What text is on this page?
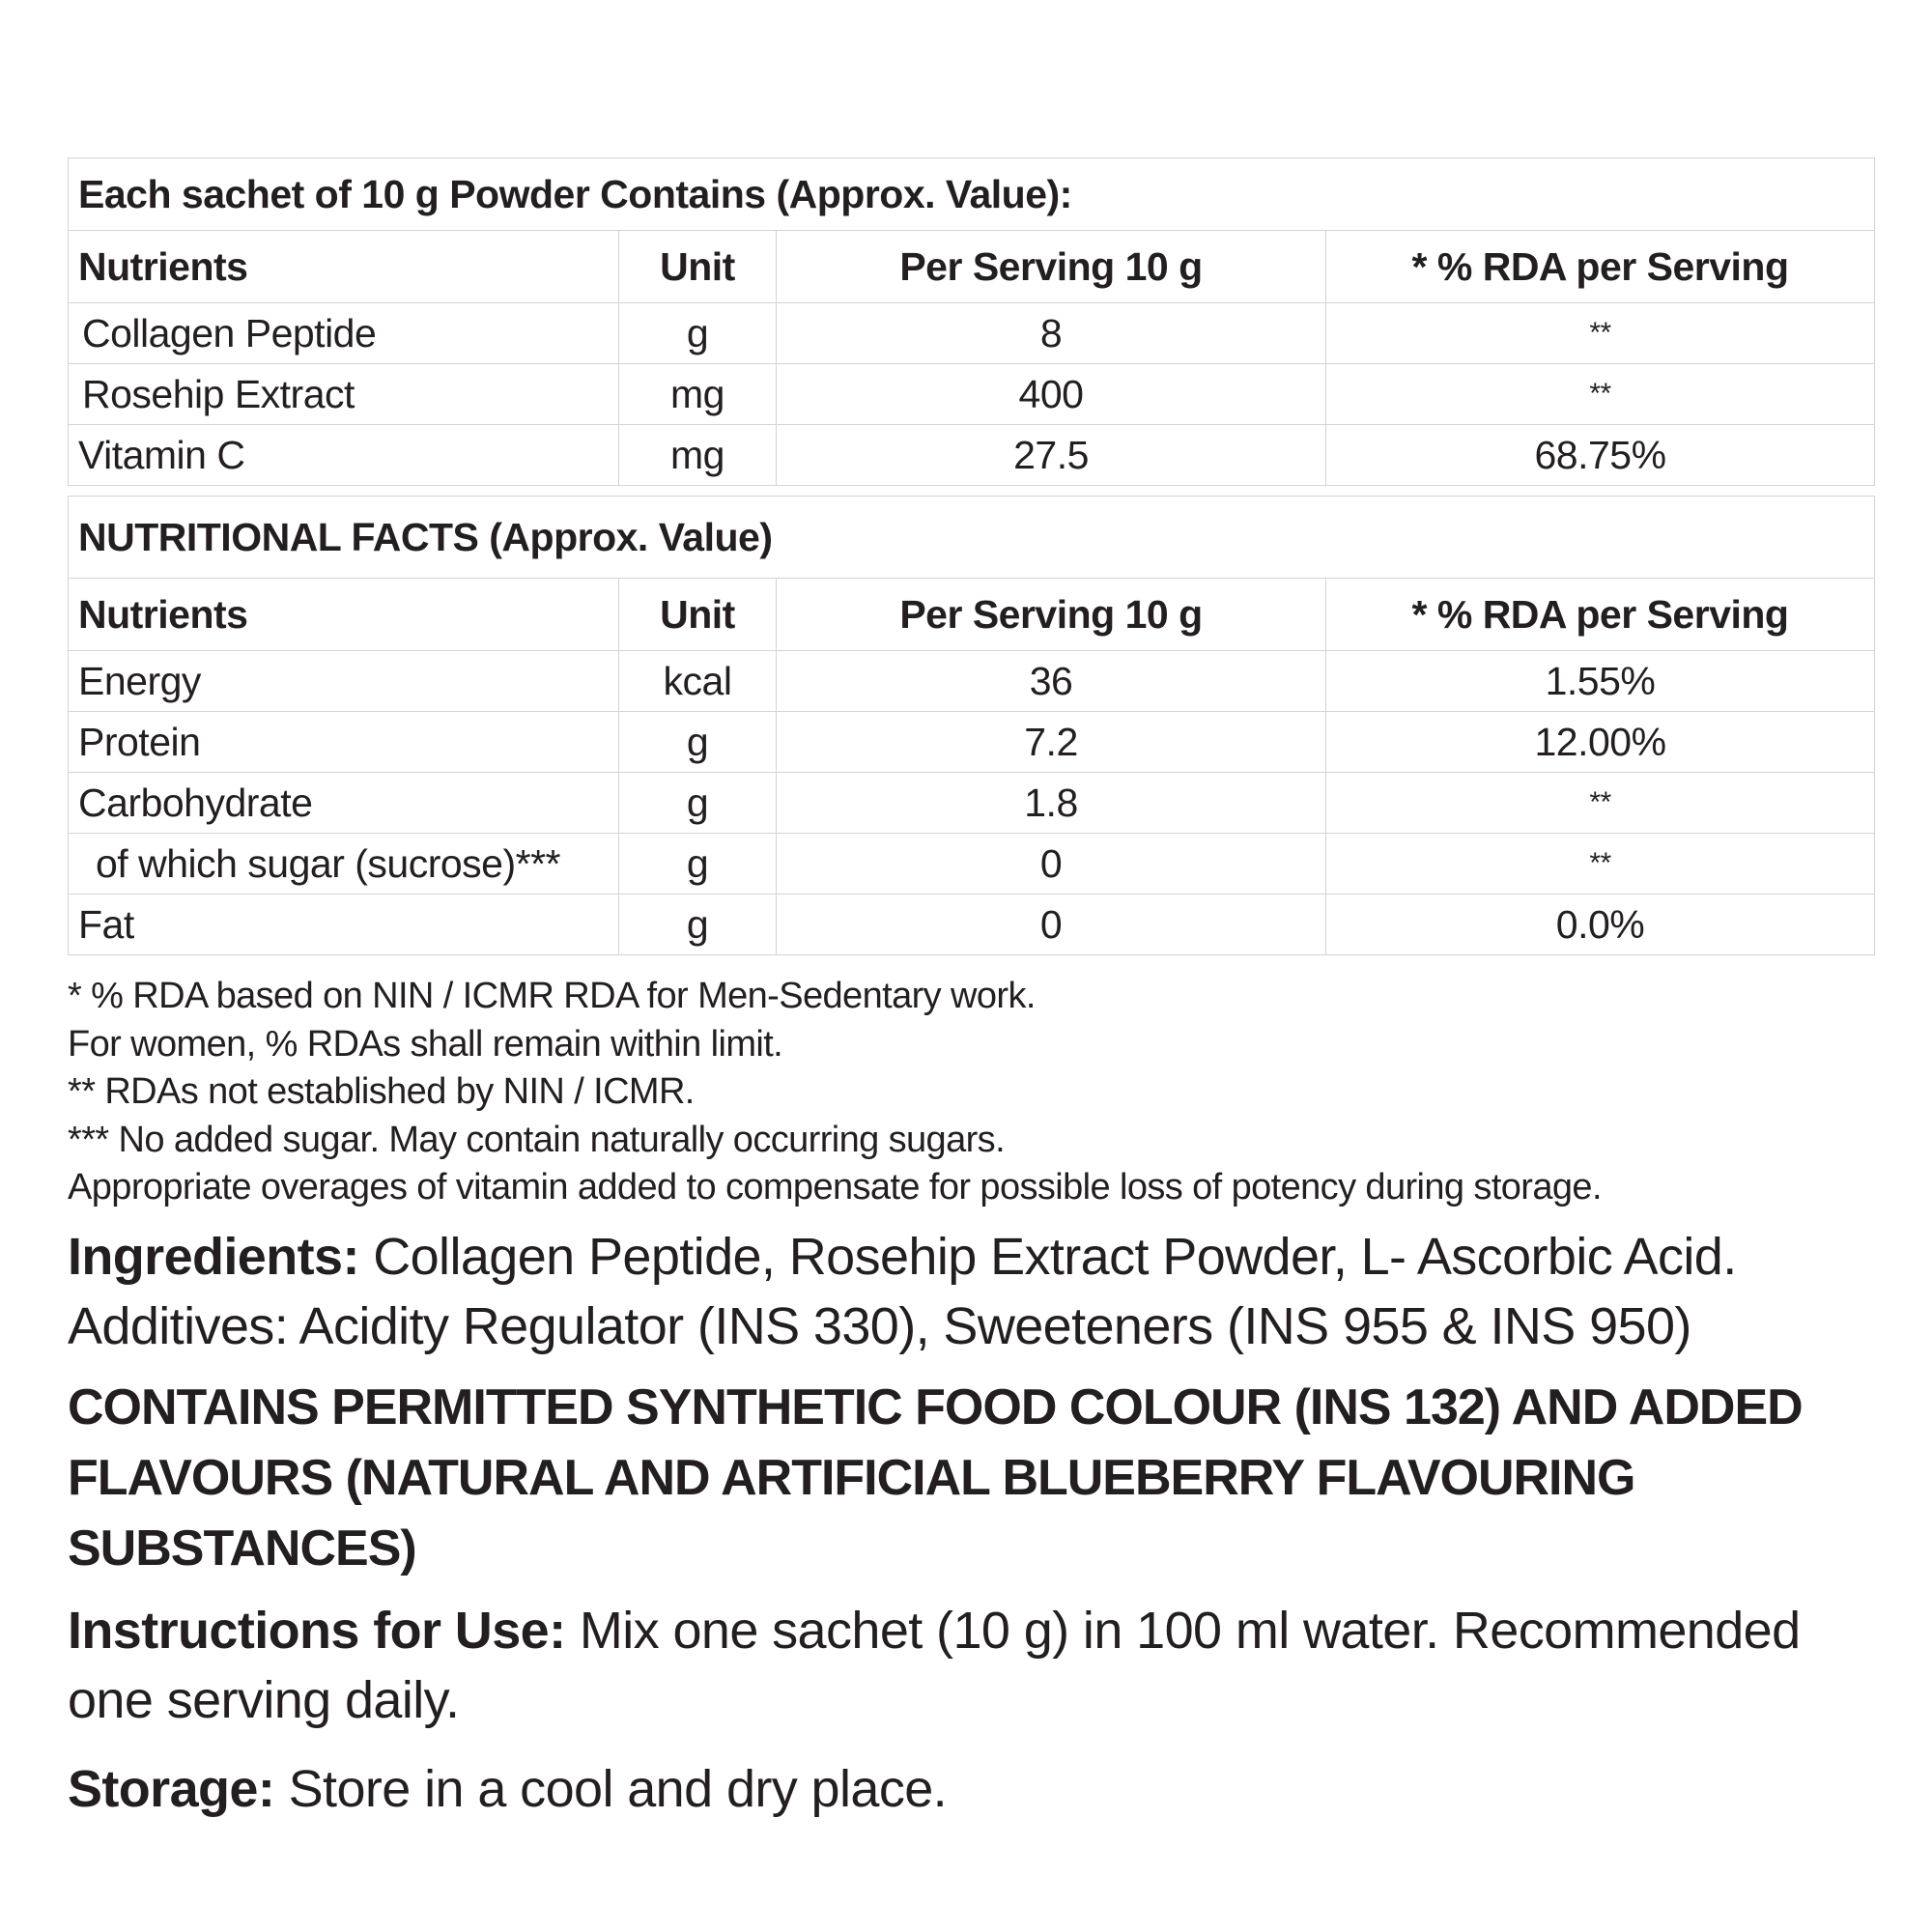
Each sachet of 10 g Powder Contains (Approx. Value):			
Nutrients	Unit	Per Serving 10 g	* % RDA per Serving
Collagen Peptide	g	8	**
Rosehip Extract	mg	400	**
Vitamin C	mg	27.5	68.75%
NUTRITIONAL FACTS (Approx. Value)			
Nutrients	Unit	Per Serving 10 g	* % RDA per Serving
Energy	kcal	36	1.55%
Protein	g	7.2	12.00%
Carbohydrate	g	1.8	**
of which sugar (sucrose)***	g	0	**
Fat	g	0	0.0%
* % RDA based on NIN / ICMR RDA for Men-Sedentary work.
For women, % RDAs shall remain within limit.
** RDAs not established by NIN / ICMR.
*** No added sugar. May contain naturally occurring sugars.
Appropriate overages of vitamin added to compensate for possible loss of potency during storage.
Ingredients: Collagen Peptide, Rosehip Extract Powder, L- Ascorbic Acid.
Additives: Acidity Regulator (INS 330), Sweeteners (INS 955 & INS 950)
CONTAINS PERMITTED SYNTHETIC FOOD COLOUR (INS 132) AND ADDED
FLAVOURS (NATURAL AND ARTIFICIAL BLUEBERRY FLAVOURING SUBSTANCES)
Instructions for Use: Mix one sachet (10 g) in 100 ml water. Recommended one serving daily.
Storage: Store in a cool and dry place.
